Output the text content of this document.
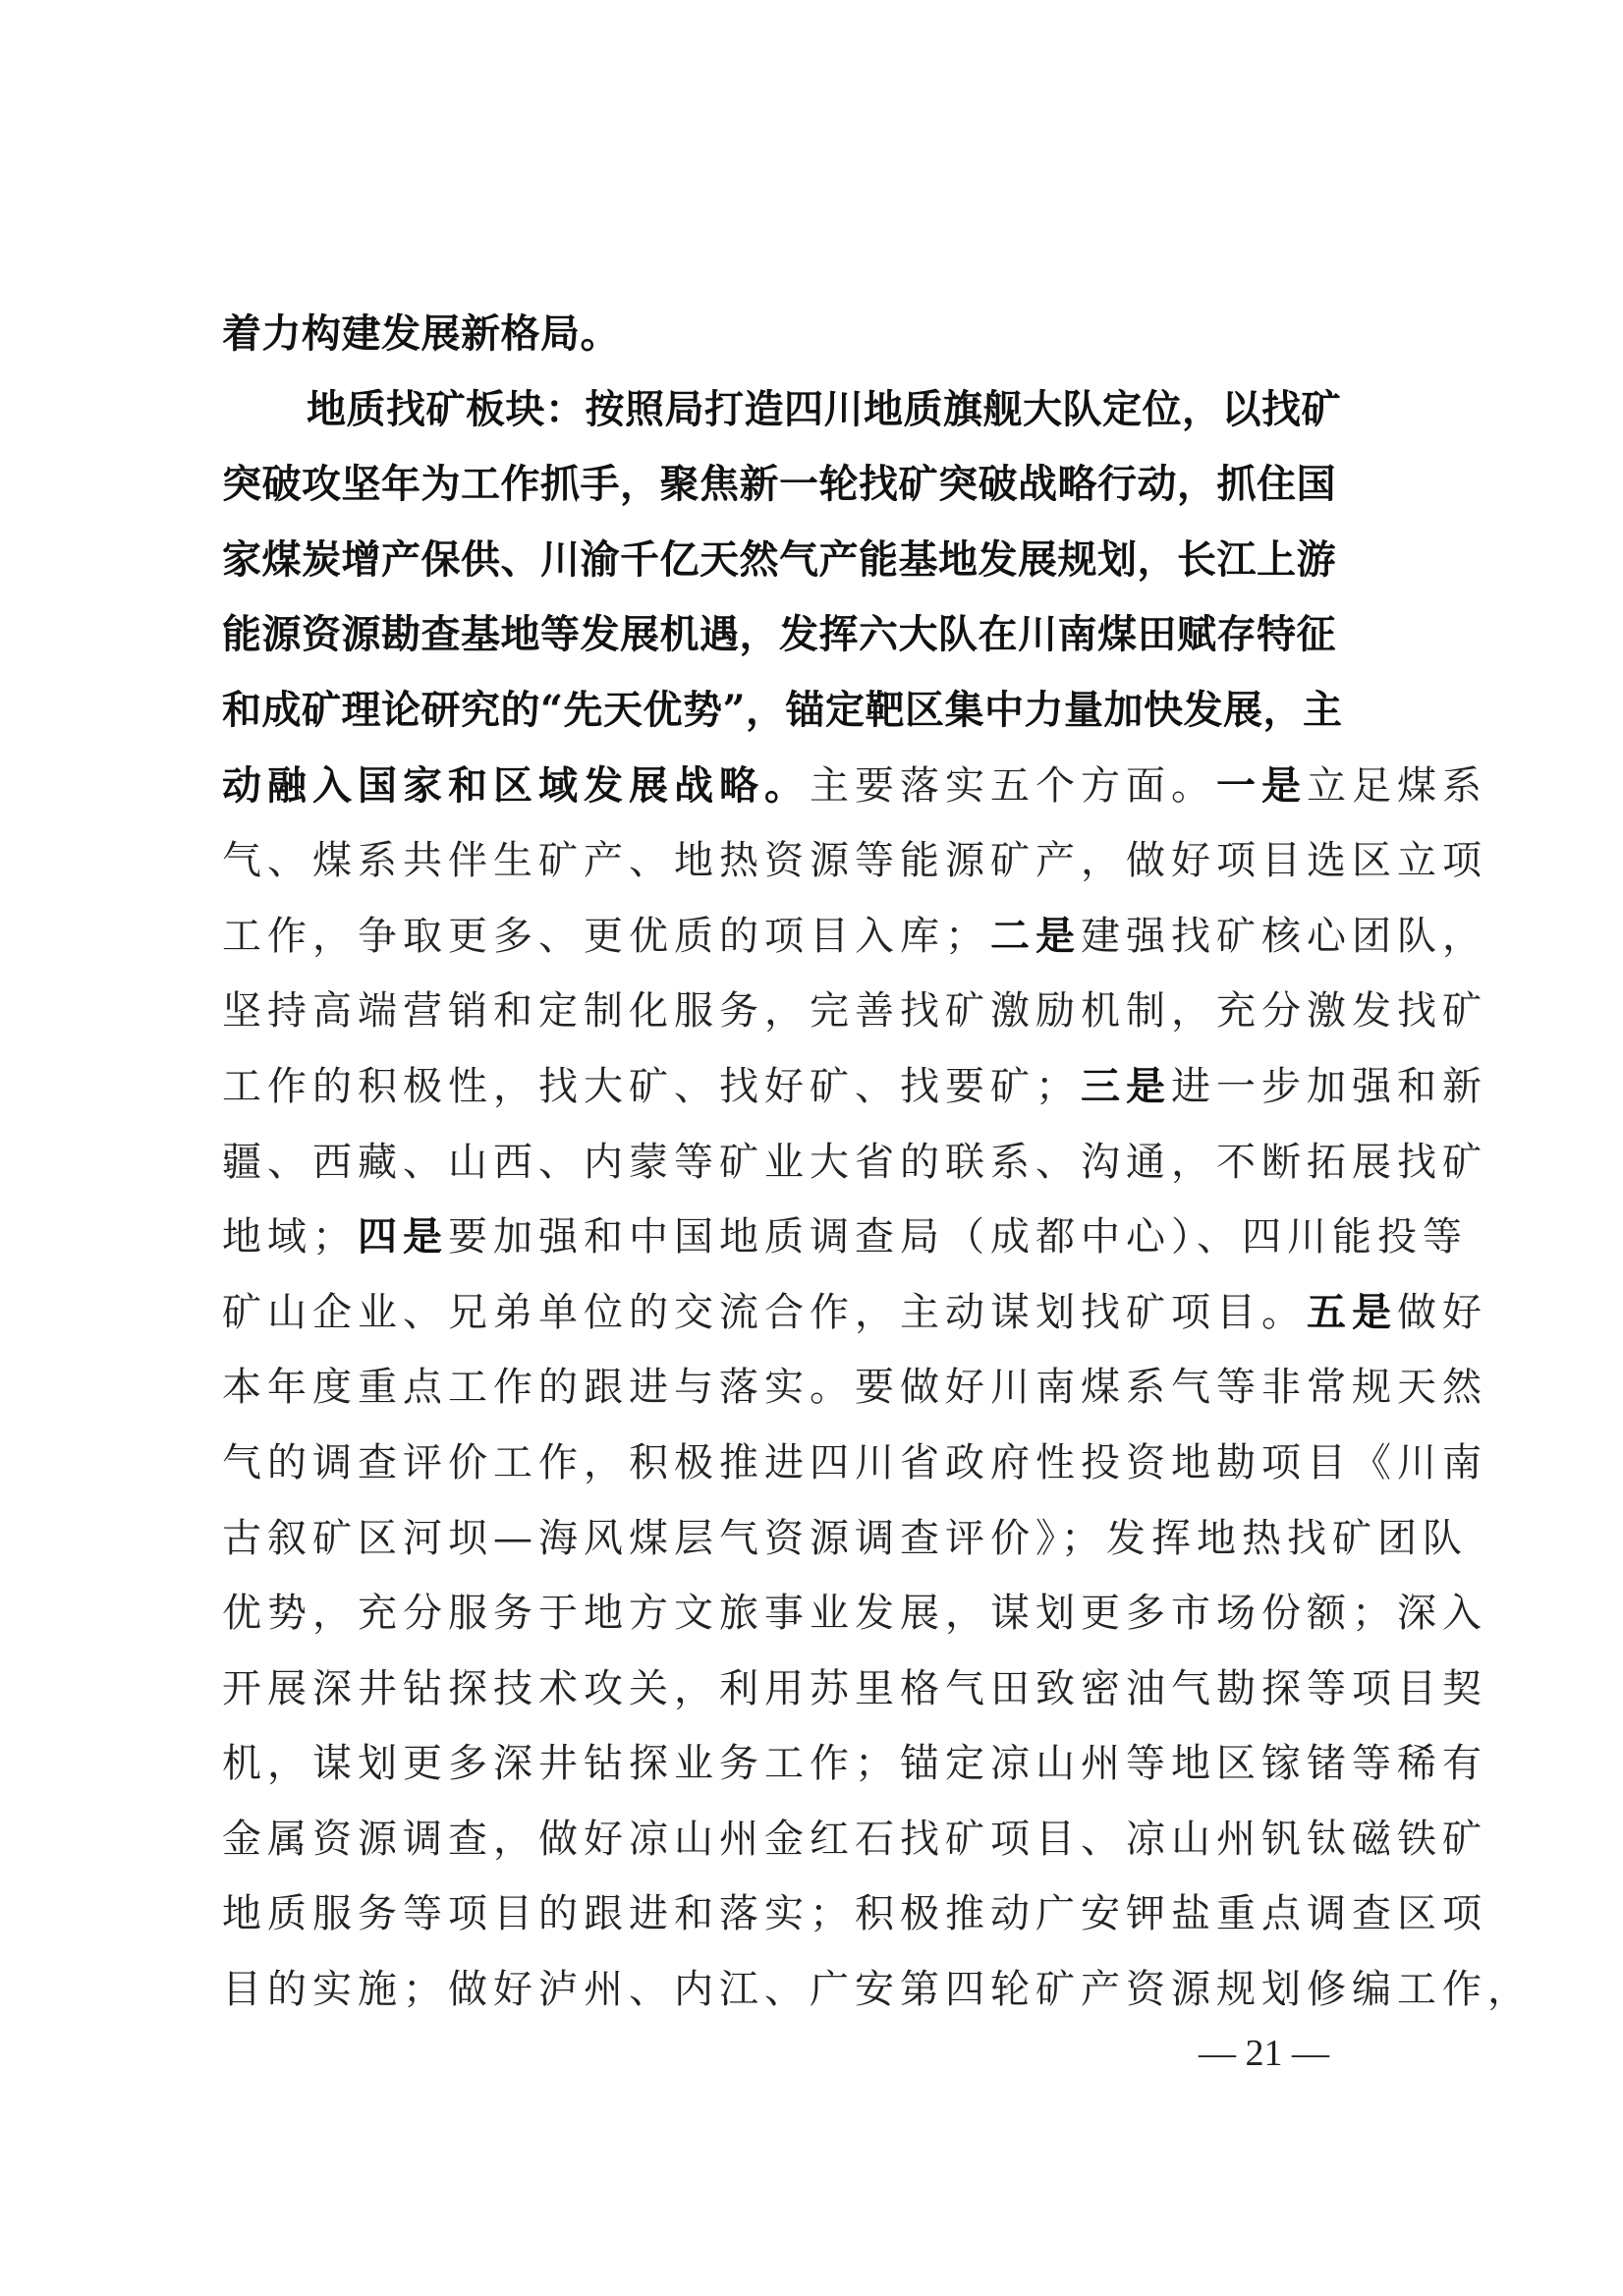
着力构建发展新格局。
地质找矿板块：按照局打造四川地质旗舰大队定位，以找矿
突破攻坚年为工作抓手，聚焦新一轮找矿突破战略行动，抓住国
家煤炭增产保供、川渝千亿天然气产能基地发展规划，长江上游
能源资源勘查基地等发展机遇，发挥六大队在川南煤田赋存特征
和成矿理论研究的“先天优势”，锚定靶区集中力量加快发展，主
动融入国家和区域发展战略。主要落实五个方面。一是立足煤系
气、煤系共伴生矿产、地热资源等能源矿产，做好项目选区立项
工作，争取更多、更优质的项目入库；二是建强找矿核心团队，
坚持高端营销和定制化服务，完善找矿激励机制，充分激发找矿
工作的积极性，找大矿、找好矿、找要矿；三是进一步加强和新
疆、西藏、山西、内蒙等矿业大省的联系、沟通，不断拓展找矿
地域；四是要加强和中国地质调查局（成都中心）、四川能投等
矿山企业、兄弟单位的交流合作，主动谋划找矿项目。五是做好
本年度重点工作的跟进与落实。要做好川南煤系气等非常规天然
气的调查评价工作，积极推进四川省政府性投资地勘项目《川南
古叙矿区河坝—海风煤层气资源调查评价》；发挥地热找矿团队
优势，充分服务于地方文旅事业发展，谋划更多市场份额；深入
开展深井钻探技术攻关，利用苏里格气田致密油气勘探等项目契
机，谋划更多深井钻探业务工作；锚定凉山州等地区镓锗等稀有
金属资源调查，做好凉山州金红石找矿项目、凉山州钒钛磁铁矿
地质服务等项目的跟进和落实；积极推动广安钾盐重点调查区项
目的实施；做好泸州、内江、广安第四轮矿产资源规划修编工作，
— 21 —
